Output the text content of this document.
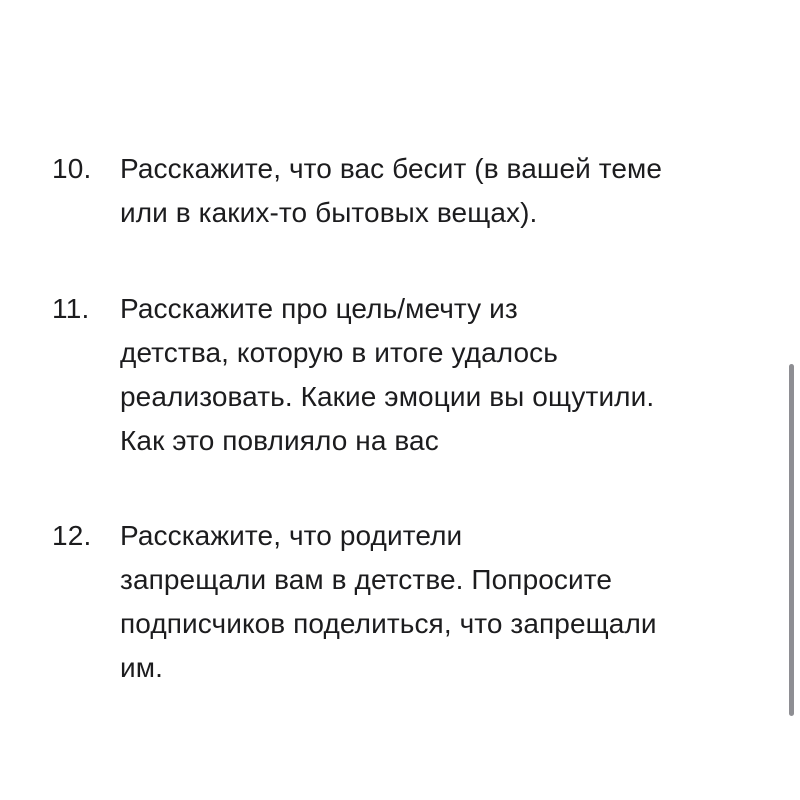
10. Расскажите, что вас бесит (в вашей теме
или в каких-то бытовых вещах).
11. Расскажите про цель/мечту из
детства, которую в итоге удалось
реализовать. Какие эмоции вы ощутили.
Как это повлияло на вас
12. Расскажите, что родители
запрещали вам в детстве. Попросите
подписчиков поделиться, что запрещали
им.
